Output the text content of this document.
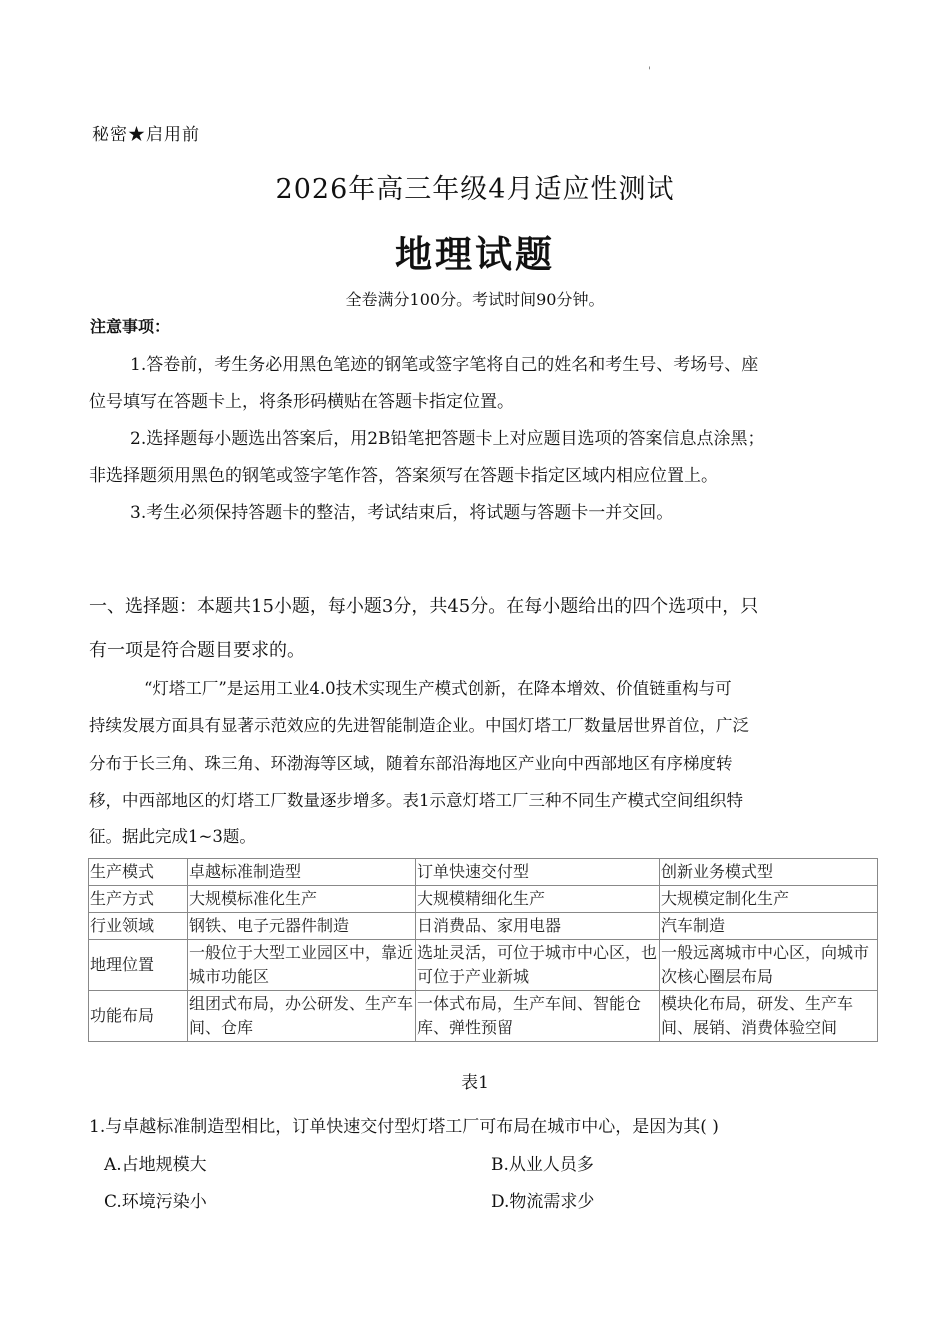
'
秘密★启用前
2026年高三年级4月适应性测试
地理试题
全卷满分100分。考试时间90分钟。
注意事项：
1.答卷前，考生务必用黑色笔迹的钢笔或签字笔将自己的姓名和考生号、考场号、座
位号填写在答题卡上，将条形码横贴在答题卡指定位置。
2.选择题每小题选出答案后，用2B铅笔把答题卡上对应题目选项的答案信息点涂黑；
非选择题须用黑色的钢笔或签字笔作答，答案须写在答题卡指定区域内相应位置上。
3.考生必须保持答题卡的整洁，考试结束后，将试题与答题卡一并交回。
一、选择题：本题共15小题，每小题3分，共45分。在每小题给出的四个选项中，只
有一项是符合题目要求的。
“灯塔工厂”是运用工业4.0技术实现生产模式创新，在降本增效、价值链重构与可
持续发展方面具有显著示范效应的先进智能制造企业。中国灯塔工厂数量居世界首位，广泛
分布于长三角、珠三角、环渤海等区域，随着东部沿海地区产业向中西部地区有序梯度转
移，中西部地区的灯塔工厂数量逐步增多。表1示意灯塔工厂三种不同生产模式空间组织特
征。据此完成1~3题。
生产模式	卓越标准制造型	订单快速交付型	创新业务模式型
生产方式	大规模标准化生产	大规模精细化生产	大规模定制化生产
行业领域	钢铁、电子元器件制造	日消费品、家用电器	汽车制造
地理位置	一般位于大型工业园区中，靠近城市功能区	选址灵活，可位于城市中心区，也可位于产业新城	一般远离城市中心区，向城市次核心圈层布局
功能布局	组团式布局，办公研发、生产车间、仓库	一体式布局，生产车间、智能仓库、弹性预留	模块化布局，研发、生产车间、展销、消费体验空间
表1
1.与卓越标准制造型相比，订单快速交付型灯塔工厂可布局在城市中心，是因为其( )
A.占地规模大	B.从业人员多
C.环境污染小	D.物流需求少
